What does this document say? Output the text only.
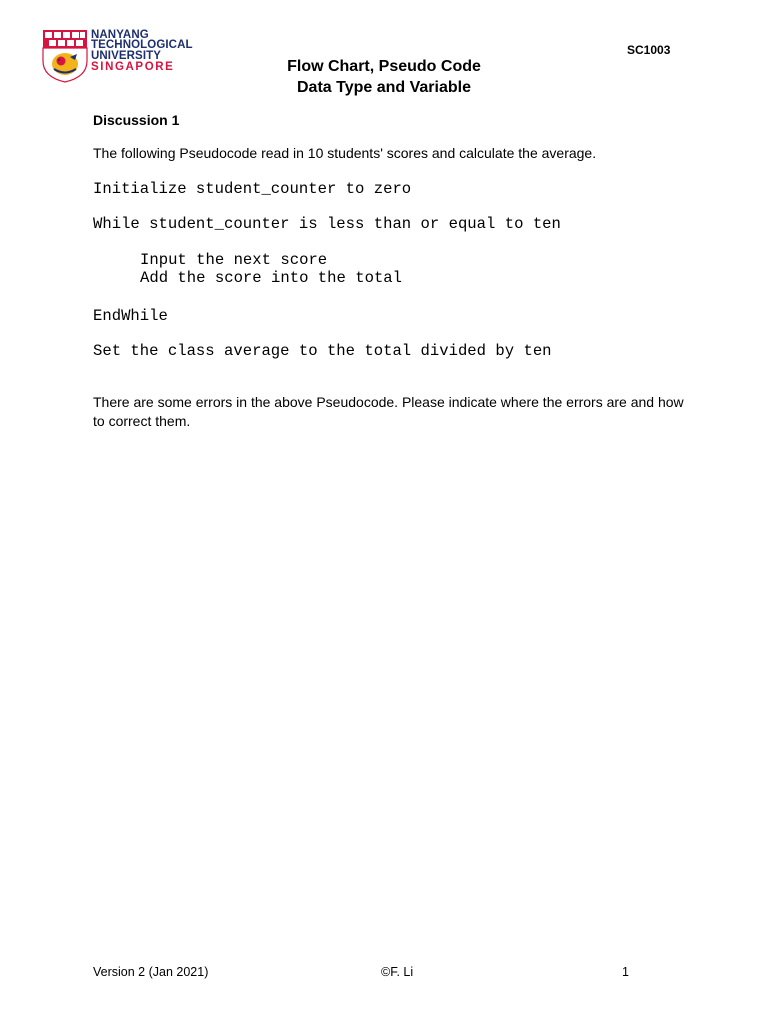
NANYANG
TECHNOLOGICAL
UNIVERSITY
SINGAPORE
SC1003
Flow Chart, Pseudo Code
Data Type and Variable
Discussion 1
The following Pseudocode read in 10 students' scores and calculate the average.
Initialize student_counter to zero
While student_counter is less than or equal to ten
Input the next score
Add the score into the total
EndWhile
Set the class average to the total divided by ten
There are some errors in the above Pseudocode. Please indicate where the errors are and how to correct them.
Version 2 (Jan 2021)	©F. Li	1
